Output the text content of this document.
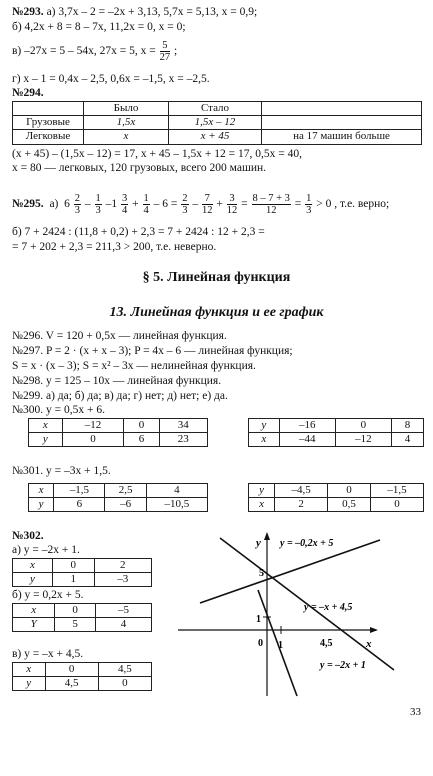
№293. а) 3,7x – 2 = –2x + 3,13, 5,7x = 5,13, x = 0,9;
б) 4,2x + 8 = 8 – 7x, 11,2x = 0, x = 0;
в) –27x = 5 – 54x, 27x = 5, $x = \frac{5}{27}$ ;
г) x – 1 = 0,4x – 2,5, 0,6x = –1,5, x = –2,5.
№294.
	Было	Стало	
Грузовые	1,5x	1,5x – 12	
Легковые	x	x + 45	на 17 машин больше
(x + 45) – (1,5x – 12) = 17, x + 45 – 1,5x + 12 = 17, 0,5x = 40,
x = 80 — легковых, 120 грузовых, всего 200 машин.
№295. а)  $6 \frac{2}{3} - \frac{1}{3} -1 \frac{3}{4} + \frac{1}{4} - 6 = \frac{2}{3} - \frac{7}{12} + \frac{3}{12} = \frac{8 - 7 + 3}{12} = \frac{1}{3} > 0$ , т.е. верно;
б) 7 + 2424 : (11,8 + 0,2) + 2,3 = 7 + 2424 : 12 + 2,3 =
= 7 + 202 + 2,3 = 211,3 > 200, т.е. неверно.
§ 5. Линейная функция
13. Линейная функция и ее график
№296. V = 120 + 0,5x — линейная функция.
№297. P = 2 · (x + x – 3); P = 4x – 6 — линейная функция;
S = x · (x – 3); S = x² – 3x — нелинейная функция.
№298. y = 125 – 10x — линейная функция.
№299. а) да; б) да; в) да; г) нет; д) нет; е) да.
№300. y = 0,5x + 6.
x	–12	0	34
y	0	6	23
y	–16	0	8
x	–44	–12	4
№301. y = –3x + 1,5.
x	–1,5	2,5	4
y	6	–6	–10,5
y	–4,5	0	–1,5
x	2	0,5	0
№302.
а) y = –2x + 1.
x	0	2
y	1	–3
б) y = 0,2x + 5.
x	0	–5
Y	5	4
в) y = –x + 4,5.
x	0	4,5
y	4,5	0
y
x
0 1
1
5
4,5
y = –0,2x + 5
y = –x + 4,5
y = –2x + 1
33
